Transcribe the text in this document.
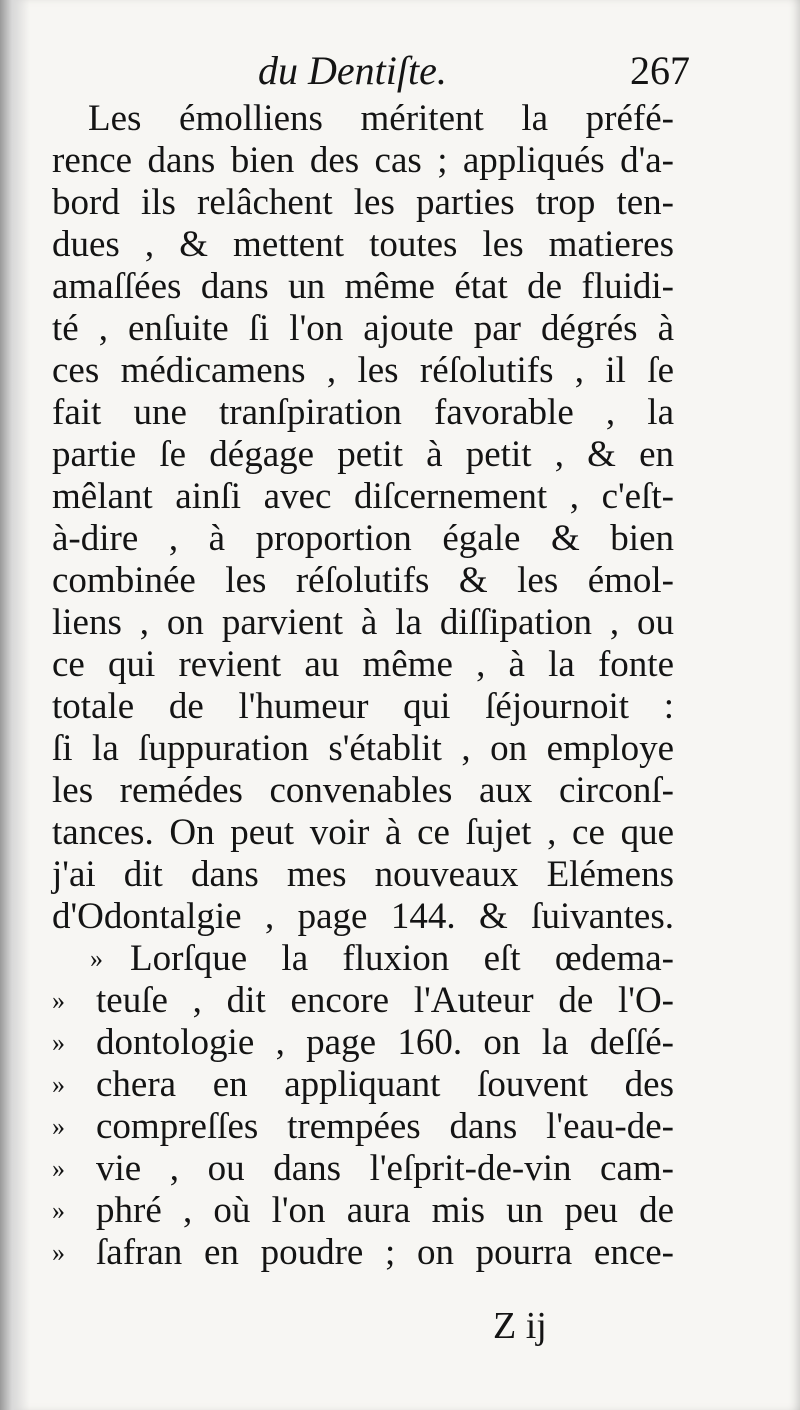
du Dentiſte.	267
Les émolliens méritent la préfé-
rence dans bien des cas ; appliqués d'a-
bord ils relâchent les parties trop ten-
dues , & mettent toutes les matieres
amaſſées dans un même état de fluidi-
té , enſuite ſi l'on ajoute par dégrés à
ces médicamens , les réſolutifs , il ſe
fait une tranſpiration favorable , la
partie ſe dégage petit à petit , & en
mêlant ainſi avec diſcernement , c'eſt-
à-dire , à proportion égale & bien
combinée les réſolutifs & les émol-
liens , on parvient à la diſſipation , ou
ce qui revient au même , à la fonte
totale de l'humeur qui ſéjournoit :
ſi la ſuppuration s'établit , on employe
les remédes convenables aux circonſ-
tances. On peut voir à ce ſujet , ce que
j'ai dit dans mes nouveaux Elémens
d'Odontalgie , page 144. & ſuivantes.
» Lorſque la fluxion eſt œdema-
» teuſe , dit encore l'Auteur de l'O-
» dontologie , page 160. on la deſſé-
» chera en appliquant ſouvent des
» compreſſes trempées dans l'eau-de-
» vie , ou dans l'eſprit-de-vin cam-
» phré , où l'on aura mis un peu de
» ſafran en poudre ; on pourra ence-
Z ij
